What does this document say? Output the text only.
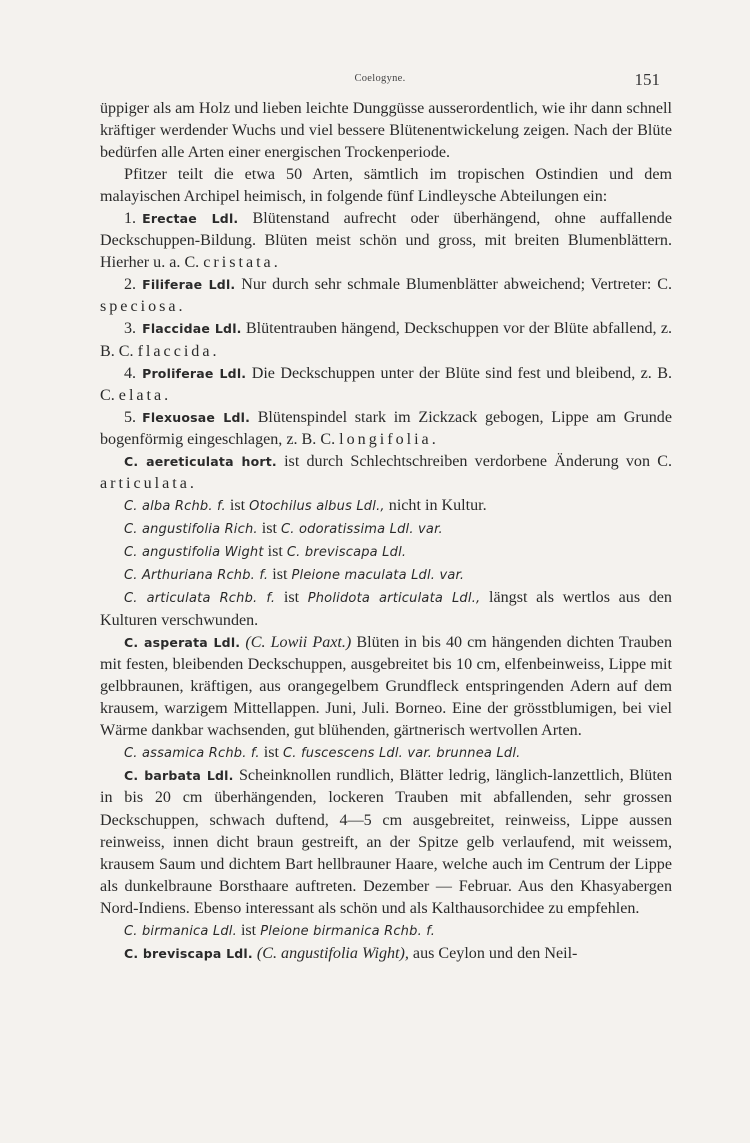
Coelogyne.	151

üppiger als am Holz und lieben leichte Dunggüsse ausserordentlich, wie ihr dann schnell kräftiger werdender Wuchs und viel bessere Blütenentwickelung zeigen. Nach der Blüte bedürfen alle Arten einer energischen Trockenperiode.

Pfitzer teilt die etwa 50 Arten, sämtlich im tropischen Ostindien und dem malayischen Archipel heimisch, in folgende fünf Lindleysche Abteilungen ein:

1. Erectae Ldl. Blütenstand aufrecht oder überhängend, ohne auffallende Deckschuppen-Bildung. Blüten meist schön und gross, mit breiten Blumenblättern. Hierher u. a. C. cristata.

2. Filiferae Ldl. Nur durch sehr schmale Blumenblätter abweichend; Vertreter: C. speciosa.

3. Flaccidae Ldl. Blütentrauben hängend, Deckschuppen vor der Blüte abfallend, z. B. C. flaccida.

4. Proliferae Ldl. Die Deckschuppen unter der Blüte sind fest und bleibend, z. B. C. elata.

5. Flexuosae Ldl. Blütenspindel stark im Zickzack gebogen, Lippe am Grunde bogenförmig eingeschlagen, z. B. C. longifolia.

C. aereticulata hort. ist durch Schlechtschreiben verdorbene Änderung von C. articulata.

C. alba Rchb. f. ist Otochilus albus Ldl., nicht in Kultur.

C. angustifolia Rich. ist C. odoratissima Ldl. var.

C. angustifolia Wight ist C. breviscapa Ldl.

C. Arthuriana Rchb. f. ist Pleione maculata Ldl. var.

C. articulata Rchb. f. ist Pholidota articulata Ldl., längst als wertlos aus den Kulturen verschwunden.

C. asperata Ldl. (C. Lowii Paxt.) Blüten in bis 40 cm hängenden dichten Trauben mit festen, bleibenden Deckschuppen, ausgebreitet bis 10 cm, elfenbeinweiss, Lippe mit gelbbraunen, kräftigen, aus orangegelbem Grundfleck entspringenden Adern auf dem krausem, warzigem Mittellappen. Juni, Juli. Borneo. Eine der grösstblumigen, bei viel Wärme dankbar wachsenden, gut blühenden, gärtnerisch wertvollen Arten.

C. assamica Rchb. f. ist C. fuscescens Ldl. var. brunnea Ldl.

C. barbata Ldl. Scheinknollen rundlich, Blätter ledrig, länglich-lanzettlich, Blüten in bis 20 cm überhängenden, lockeren Trauben mit abfallenden, sehr grossen Deckschuppen, schwach duftend, 4—5 cm ausgebreitet, reinweiss, Lippe aussen reinweiss, innen dicht braun gestreift, an der Spitze gelb verlaufend, mit weissem, krausem Saum und dichtem Bart hellbrauner Haare, welche auch im Centrum der Lippe als dunkelbraune Borsthaare auftreten. Dezember — Februar. Aus den Khasyabergen Nord-Indiens. Ebenso interessant als schön und als Kalthausorchidee zu empfehlen.

C. birmanica Ldl. ist Pleione birmanica Rchb. f.

C. breviscapa Ldl. (C. angustifolia Wight), aus Ceylon und den Neil-
